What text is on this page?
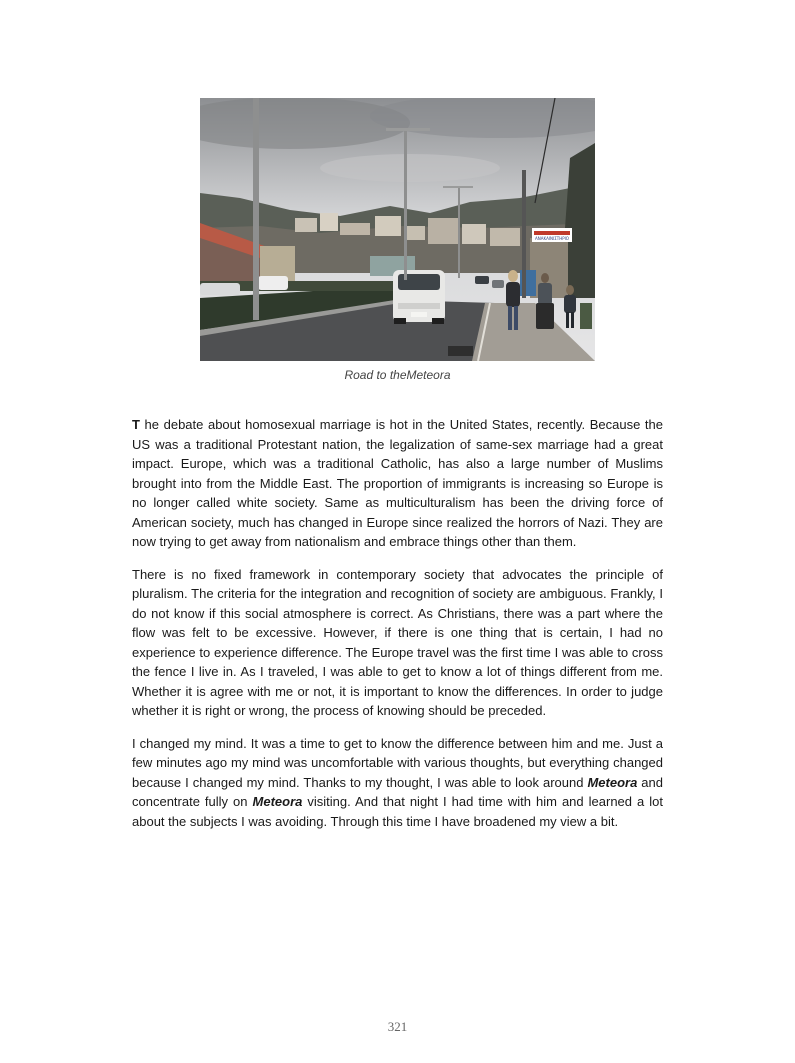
ΑΝΑΚΑΙΝΙΣΤΗΡΙΟ
Road to theMeteora

T he debate about homosexual marriage is hot in the United States, recently. Because the US was a traditional Protestant nation, the legalization of same-sex marriage had a great impact. Europe, which was a traditional Catholic, has also a large number of Muslims brought into from the Middle East. The proportion of immigrants is increasing so Europe is no longer called white society. Same as multiculturalism has been the driving force of American society, much has changed in Europe since realized the horrors of Nazi. They are now trying to get away from nationalism and embrace things other than them.

There is no fixed framework in contemporary society that advocates the principle of pluralism. The criteria for the integration and recognition of society are ambiguous. Frankly, I do not know if this social atmosphere is correct. As Christians, there was a part where the flow was felt to be excessive. However, if there is one thing that is certain, I had no experience to experience difference. The Europe travel was the first time I was able to cross the fence I live in. As I traveled, I was able to get to know a lot of things different from me. Whether it is agree with me or not, it is important to know the differences. In order to judge whether it is right or wrong, the process of knowing should be preceded.

I changed my mind. It was a time to get to know the difference between him and me. Just a few minutes ago my mind was uncomfortable with various thoughts, but everything changed because I changed my mind. Thanks to my thought, I was able to look around Meteora and concentrate fully on Meteora visiting. And that night I had time with him and learned a lot about the subjects I was avoiding. Through this time I have broadened my view a bit.

321
